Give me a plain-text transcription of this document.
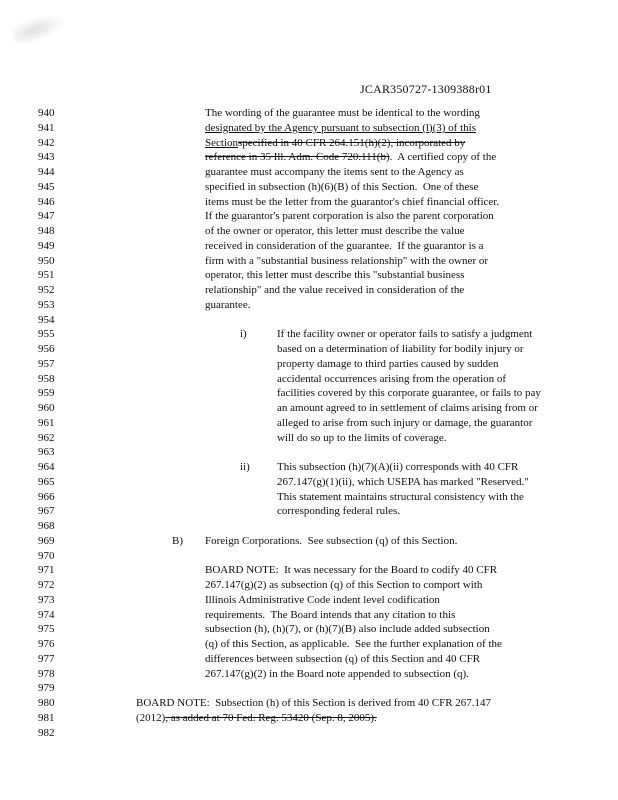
JCAR350727-1309388r01
940	The wording of the guarantee must be identical to the wording
941	designated by the Agency pursuant to subsection (l)(3) of this
942	Sectionspecified in 40 CFR 264.151(h)(2), incorporated by
943	reference in 35 Ill. Adm. Code 720.111(b).  A certified copy of the
944	guarantee must accompany the items sent to the Agency as
945	specified in subsection (h)(6)(B) of this Section.  One of these
946	items must be the letter from the guarantor's chief financial officer.
947	If the guarantor's parent corporation is also the parent corporation
948	of the owner or operator, this letter must describe the value
949	received in consideration of the guarantee.  If the guarantor is a
950	firm with a "substantial business relationship" with the owner or
951	operator, this letter must describe this "substantial business
952	relationship" and the value received in consideration of the
953	guarantee.
954
955	i)	If the facility owner or operator fails to satisfy a judgment
956	based on a determination of liability for bodily injury or
957	property damage to third parties caused by sudden
958	accidental occurrences arising from the operation of
959	facilities covered by this corporate guarantee, or fails to pay
960	an amount agreed to in settlement of claims arising from or
961	alleged to arise from such injury or damage, the guarantor
962	will do so up to the limits of coverage.
963
964	ii) This subsection (h)(7)(A)(ii) corresponds with 40 CFR
965	267.147(g)(1)(ii), which USEPA has marked "Reserved."
966	This statement maintains structural consistency with the
967	corresponding federal rules.
968
969	B) Foreign Corporations.  See subsection (q) of this Section.
970
971	BOARD NOTE:  It was necessary for the Board to codify 40 CFR
972	267.147(g)(2) as subsection (q) of this Section to comport with
973	Illinois Administrative Code indent level codification
974	requirements.  The Board intends that any citation to this
975	subsection (h), (h)(7), or (h)(7)(B) also include added subsection
976	(q) of this Section, as applicable.  See the further explanation of the
977	differences between subsection (q) of this Section and 40 CFR
978	267.147(g)(2) in the Board note appended to subsection (q).
979
980	BOARD NOTE:  Subsection (h) of this Section is derived from 40 CFR 267.147
981	(2012), as added at 70 Fed. Reg. 53420 (Sep. 8, 2005).
982
